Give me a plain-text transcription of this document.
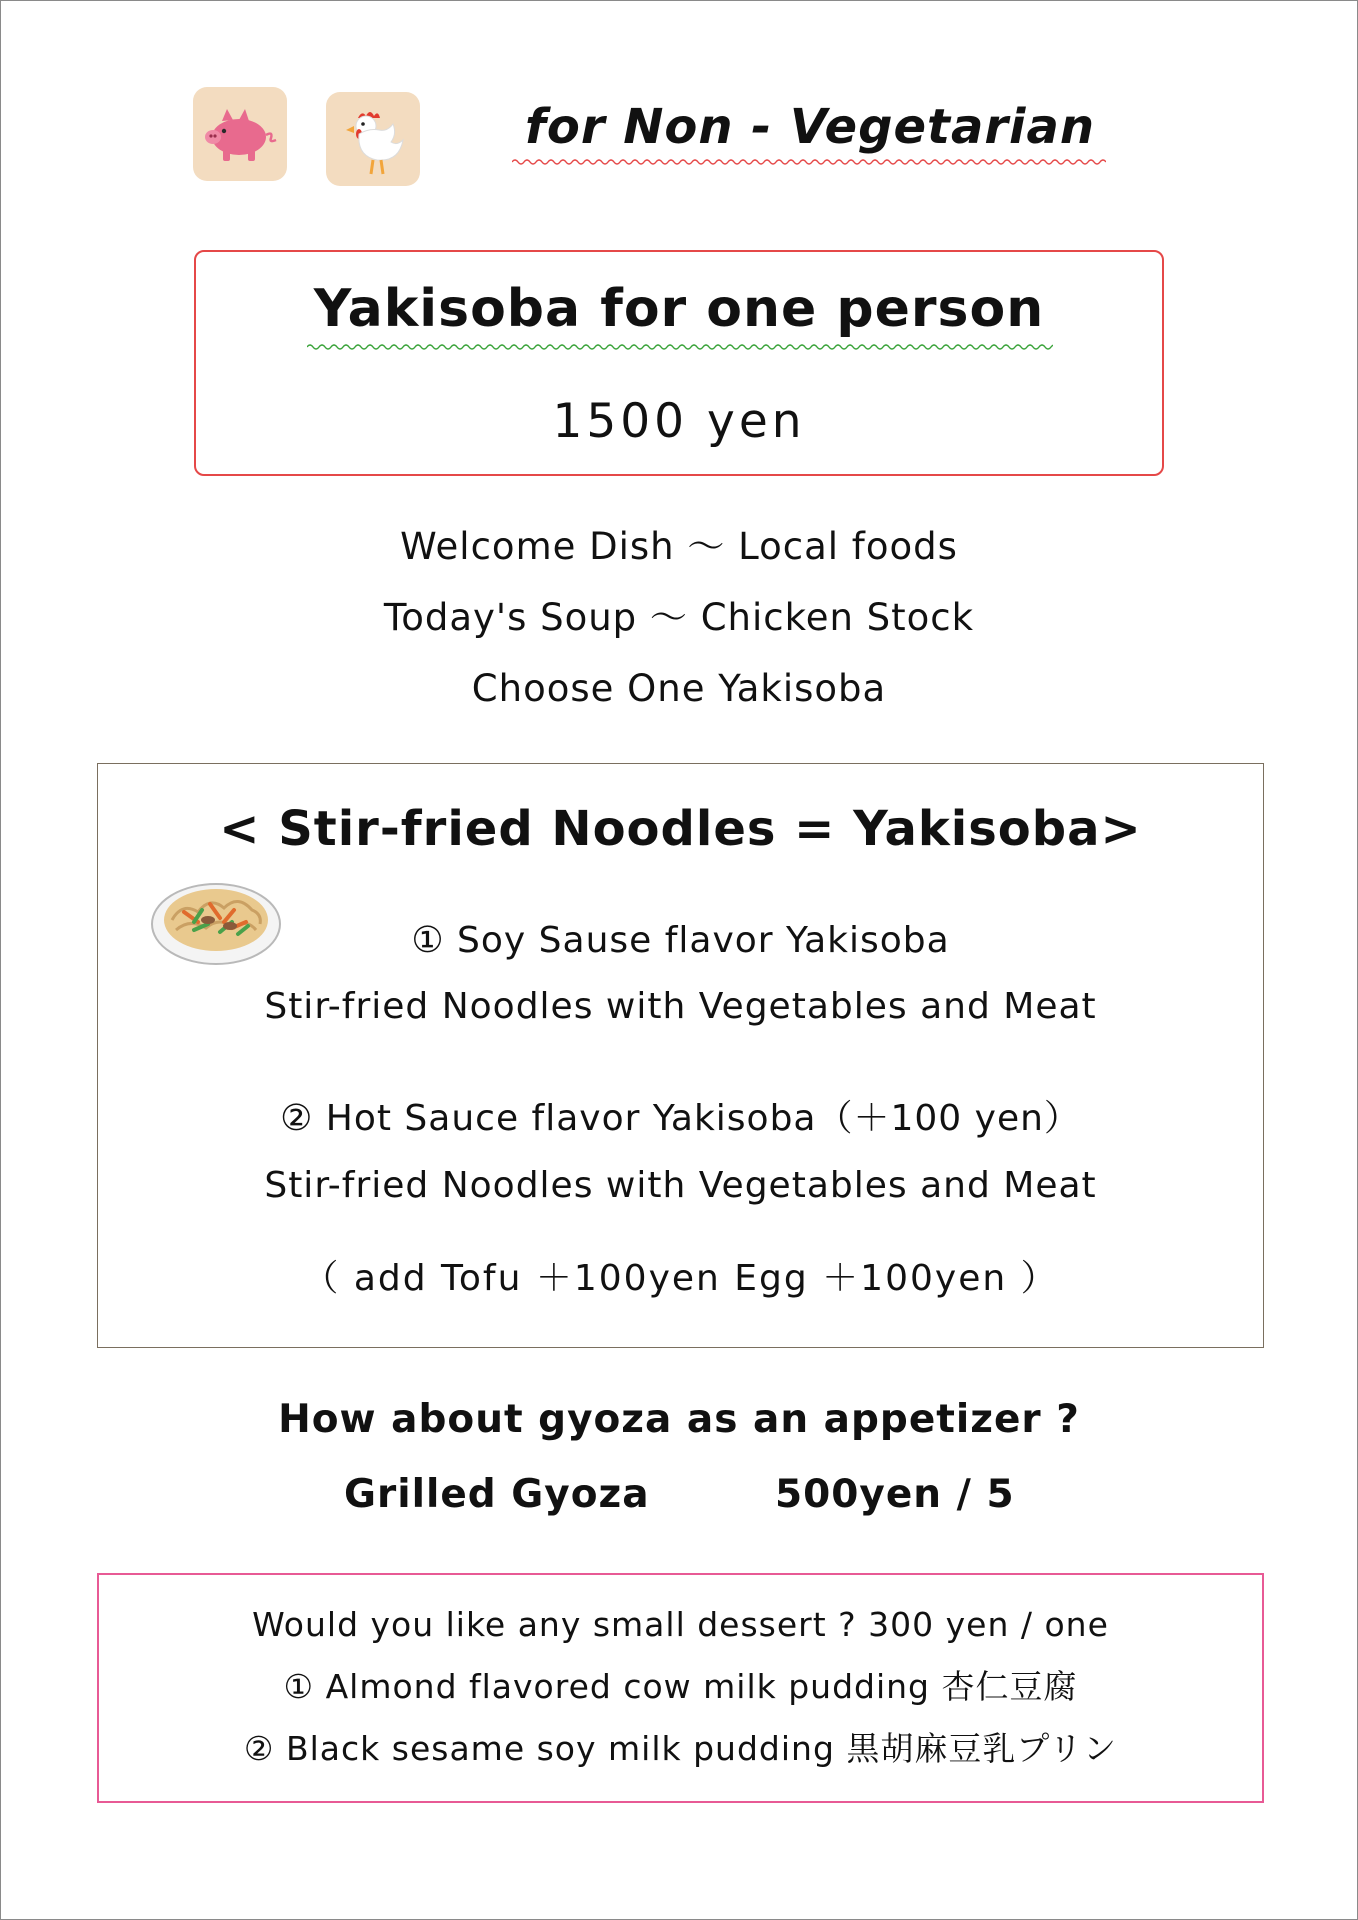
for Non - Vegetarian
Yakisoba for one person
1500 yen
Welcome Dish ～ Local foods
Today's Soup ～ Chicken Stock
Choose One Yakisoba
< Stir-fried Noodles = Yakisoba>
① Soy Sause flavor Yakisoba
Stir-fried Noodles with Vegetables and Meat
② Hot Sauce flavor Yakisoba（＋100 yen）
Stir-fried Noodles with Vegetables and Meat
（ add Tofu ＋100yen Egg ＋100yen ）
How about gyoza as an appetizer ?
Grilled Gyoza	500yen / 5
Would you like any small dessert ? 300 yen / one
① Almond flavored cow milk pudding 杏仁豆腐
② Black sesame soy milk pudding 黒胡麻豆乳プリン
